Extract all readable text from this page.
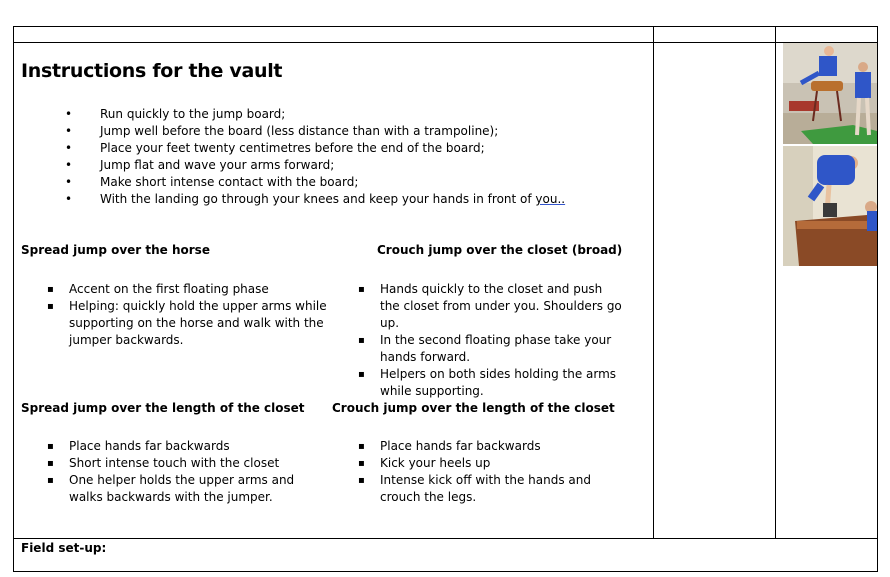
Instructions for the vault
• Run quickly to the jump board;
• Jump well before the board (less distance than with a trampoline);
• Place your feet twenty centimetres before the end of the board;
• Jump flat and wave your arms forward;
• Make short intense contact with the board;
• With the landing go through your knees and keep your hands in front of you..
Spread jump over the horse
▪ Accent on the first floating phase
▪ Helping: quickly hold the upper arms while supporting on the horse and walk with the jumper backwards.
Crouch jump over the closet (broad)
▪ Hands quickly to the closet and push the closet from under you. Shoulders go up.
▪ In the second floating phase take your hands forward.
▪ Helpers on both sides holding the arms while supporting.
Spread jump over the length of the closet
▪ Place hands far backwards
▪ Short intense touch with the closet
▪ One helper holds the upper arms and walks backwards with the jumper.
Crouch jump over the length of the closet
▪ Place hands far backwards
▪ Kick your heels up
▪ Intense kick off with the hands and crouch the legs.
Field set-up:
